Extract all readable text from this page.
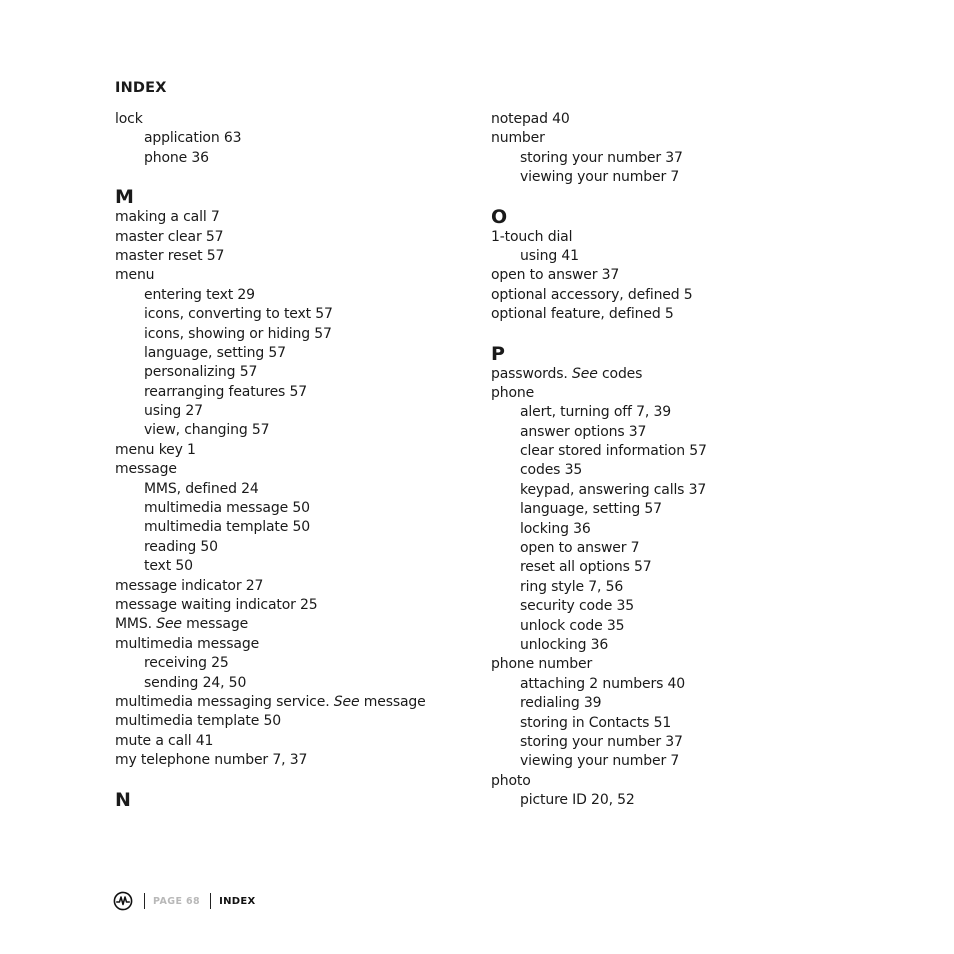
INDEX
lock
application 63
phone 36
M
making a call 7
master clear 57
master reset 57
menu
entering text 29
icons, converting to text 57
icons, showing or hiding 57
language, setting 57
personalizing 57
rearranging features 57
using 27
view, changing 57
menu key 1
message
MMS, defined 24
multimedia message 50
multimedia template 50
reading 50
text 50
message indicator 27
message waiting indicator 25
MMS. See message
multimedia message
receiving 25
sending 24, 50
multimedia messaging service. See message
multimedia template 50
mute a call 41
my telephone number 7, 37
N
notepad 40
number
storing your number 37
viewing your number 7
O
1-touch dial
using 41
open to answer 37
optional accessory, defined 5
optional feature, defined 5
P
passwords. See codes
phone
alert, turning off 7, 39
answer options 37
clear stored information 57
codes 35
keypad, answering calls 37
language, setting 57
locking 36
open to answer 7
reset all options 57
ring style 7, 56
security code 35
unlock code 35
unlocking 36
phone number
attaching 2 numbers 40
redialing 39
storing in Contacts 51
storing your number 37
viewing your number 7
photo
picture ID 20, 52
PAGE 68 INDEX
